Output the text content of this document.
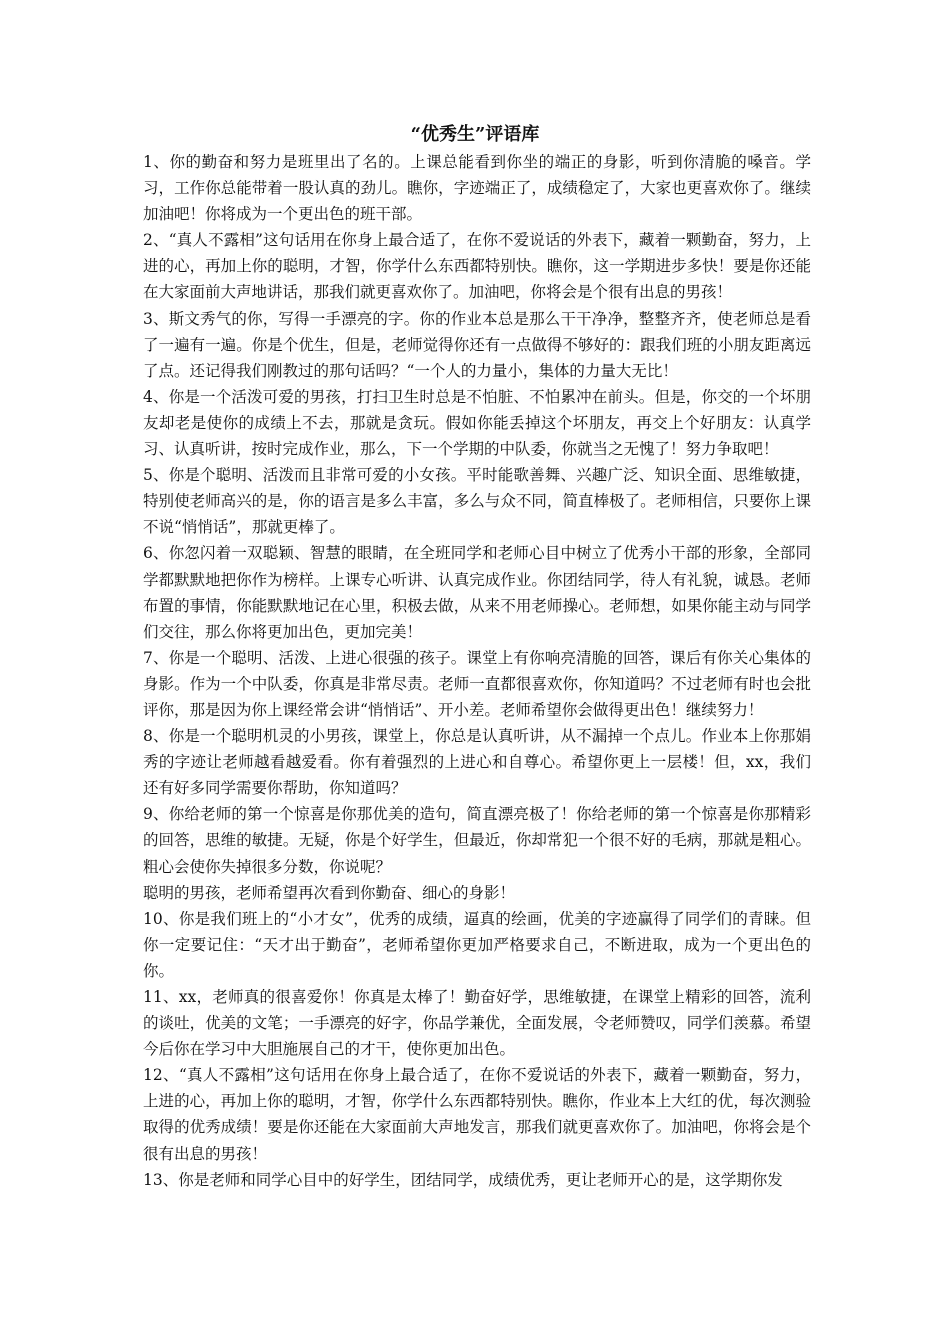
“优秀生”评语库

1、你的勤奋和努力是班里出了名的。上课总能看到你坐的端正的身影，听到你清脆的嗓音。学习，工作你总能带着一股认真的劲儿。瞧你，字迹端正了，成绩稳定了，大家也更喜欢你了。继续加油吧！你将成为一个更出色的班干部。

2、“真人不露相”这句话用在你身上最合适了，在你不爱说话的外表下，藏着一颗勤奋，努力，上进的心，再加上你的聪明，才智，你学什么东西都特别快。瞧你，这一学期进步多快！要是你还能在大家面前大声地讲话，那我们就更喜欢你了。加油吧，你将会是个很有出息的男孩！

3、斯文秀气的你，写得一手漂亮的字。你的作业本总是那么干干净净，整整齐齐，使老师总是看了一遍有一遍。你是个优生，但是，老师觉得你还有一点做得不够好的：跟我们班的小朋友距离远了点。还记得我们刚教过的那句话吗？“一个人的力量小，集体的力量大无比！

4、你是一个活泼可爱的男孩，打扫卫生时总是不怕脏、不怕累冲在前头。但是，你交的一个坏朋友却老是使你的成绩上不去，那就是贪玩。假如你能丢掉这个坏朋友，再交上个好朋友：认真学习、认真听讲，按时完成作业，那么，下一个学期的中队委，你就当之无愧了！努力争取吧！

5、你是个聪明、活泼而且非常可爱的小女孩。平时能歌善舞、兴趣广泛、知识全面、思维敏捷，特别使老师高兴的是，你的语言是多么丰富，多么与众不同，简直棒极了。老师相信，只要你上课不说“悄悄话”，那就更棒了。

6、你忽闪着一双聪颖、智慧的眼睛，在全班同学和老师心目中树立了优秀小干部的形象，全部同学都默默地把你作为榜样。上课专心听讲、认真完成作业。你团结同学，待人有礼貌，诚恳。老师布置的事情，你能默默地记在心里，积极去做，从来不用老师操心。老师想，如果你能主动与同学们交往，那么你将更加出色，更加完美！

7、你是一个聪明、活泼、上进心很强的孩子。课堂上有你响亮清脆的回答，课后有你关心集体的身影。作为一个中队委，你真是非常尽责。老师一直都很喜欢你，你知道吗？不过老师有时也会批评你，那是因为你上课经常会讲“悄悄话”、开小差。老师希望你会做得更出色！继续努力！

8、你是一个聪明机灵的小男孩，课堂上，你总是认真听讲，从不漏掉一个点儿。作业本上你那娟秀的字迹让老师越看越爱看。你有着强烈的上进心和自尊心。希望你更上一层楼！但，xx，我们还有好多同学需要你帮助，你知道吗？

9、你给老师的第一个惊喜是你那优美的造句，简直漂亮极了！你给老师的第一个惊喜是你那精彩的回答，思维的敏捷。无疑，你是个好学生，但最近，你却常犯一个很不好的毛病，那就是粗心。粗心会使你失掉很多分数，你说呢？

聪明的男孩，老师希望再次看到你勤奋、细心的身影！

10、你是我们班上的“小才女”，优秀的成绩，逼真的绘画，优美的字迹赢得了同学们的青睐。但你一定要记住：“天才出于勤奋”，老师希望你更加严格要求自己，不断进取，成为一个更出色的你。

11、xx，老师真的很喜爱你！你真是太棒了！勤奋好学，思维敏捷，在课堂上精彩的回答，流利的谈吐，优美的文笔；一手漂亮的好字，你品学兼优，全面发展，令老师赞叹，同学们羡慕。希望今后你在学习中大胆施展自己的才干，使你更加出色。

12、“真人不露相”这句话用在你身上最合适了，在你不爱说话的外表下，藏着一颗勤奋，努力，上进的心，再加上你的聪明，才智，你学什么东西都特别快。瞧你，作业本上大红的优，每次测验取得的优秀成绩！要是你还能在大家面前大声地发言，那我们就更喜欢你了。加油吧，你将会是个很有出息的男孩！

13、你是老师和同学心目中的好学生，团结同学，成绩优秀，更让老师开心的是，这学期你发
